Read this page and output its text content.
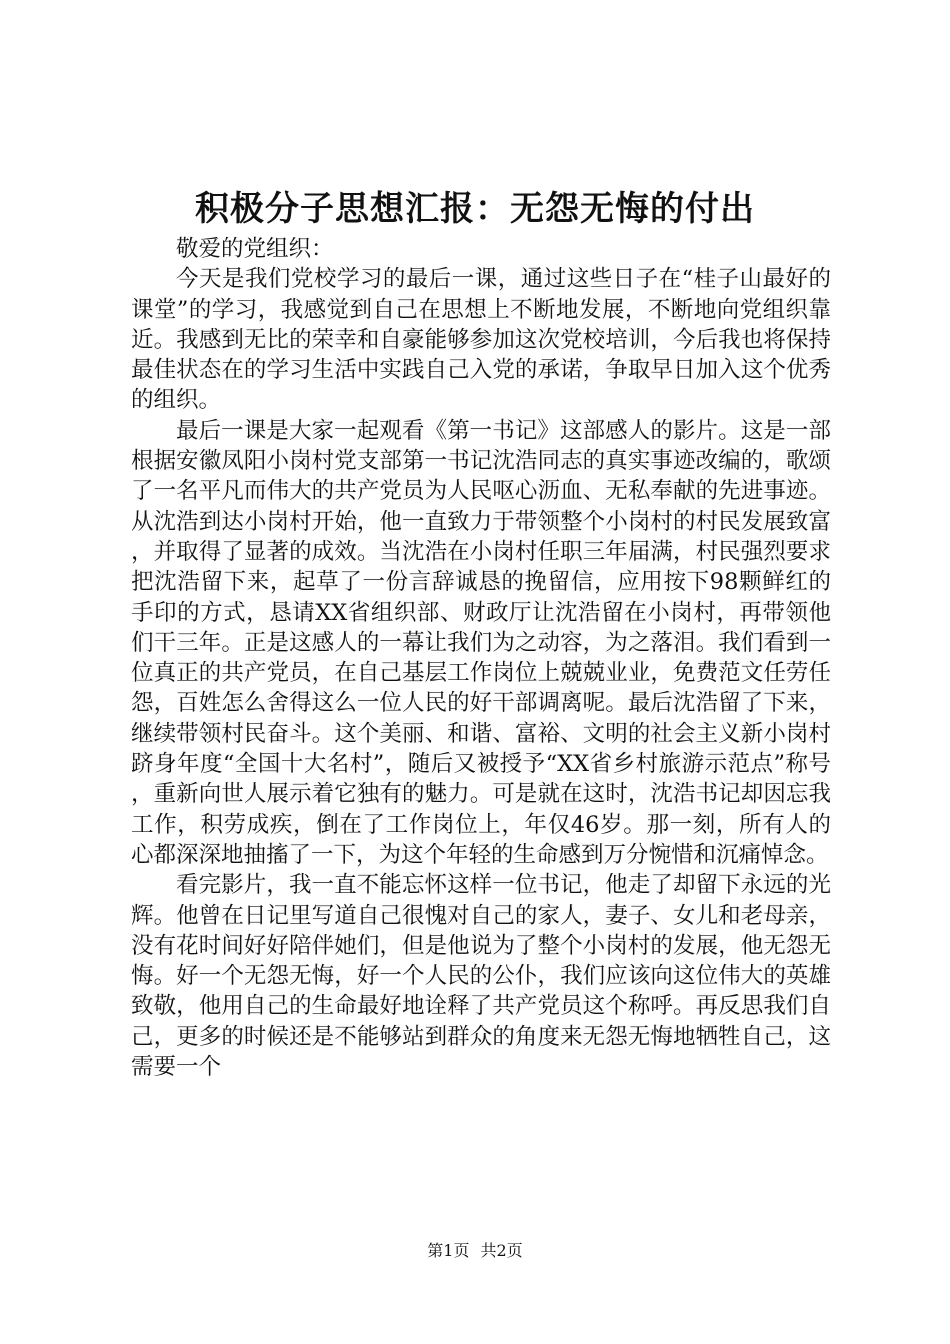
积极分子思想汇报：无怨无悔的付出

敬爱的党组织：

今天是我们党校学习的最后一课，通过这些日子在“桂子山最好的课堂”的学习，我感觉到自己在思想上不断地发展，不断地向党组织靠近。我感到无比的荣幸和自豪能够参加这次党校培训，今后我也将保持最佳状态在的学习生活中实践自己入党的承诺，争取早日加入这个优秀的组织。

最后一课是大家一起观看《第一书记》这部感人的影片。这是一部根据安徽凤阳小岗村党支部第一书记沈浩同志的真实事迹改编的，歌颂了一名平凡而伟大的共产党员为人民呕心沥血、无私奉献的先进事迹。从沈浩到达小岗村开始，他一直致力于带领整个小岗村的村民发展致富，并取得了显著的成效。当沈浩在小岗村任职三年届满，村民强烈要求把沈浩留下来，起草了一份言辞诚恳的挽留信，应用按下98颗鲜红的手印的方式，恳请XX省组织部、财政厅让沈浩留在小岗村，再带领他们干三年。正是这感人的一幕让我们为之动容，为之落泪。我们看到一位真正的共产党员，在自己基层工作岗位上兢兢业业，免费范文任劳任怨，百姓怎么舍得这么一位人民的好干部调离呢。最后沈浩留了下来，继续带领村民奋斗。这个美丽、和谐、富裕、文明的社会主义新小岗村跻身年度“全国十大名村”，随后又被授予“XX省乡村旅游示范点”称号，重新向世人展示着它独有的魅力。可是就在这时，沈浩书记却因忘我工作，积劳成疾，倒在了工作岗位上，年仅46岁。那一刻，所有人的心都深深地抽搐了一下，为这个年轻的生命感到万分惋惜和沉痛悼念。

看完影片，我一直不能忘怀这样一位书记，他走了却留下永远的光辉。他曾在日记里写道自己很愧对自己的家人，妻子、女儿和老母亲，没有花时间好好陪伴她们，但是他说为了整个小岗村的发展，他无怨无悔。好一个无怨无悔，好一个人民的公仆，我们应该向这位伟大的英雄致敬，他用自己的生命最好地诠释了共产党员这个称呼。再反思我们自己，更多的时候还是不能够站到群众的角度来无怨无悔地牺牲自己，这需要一个

第1页 共2页
